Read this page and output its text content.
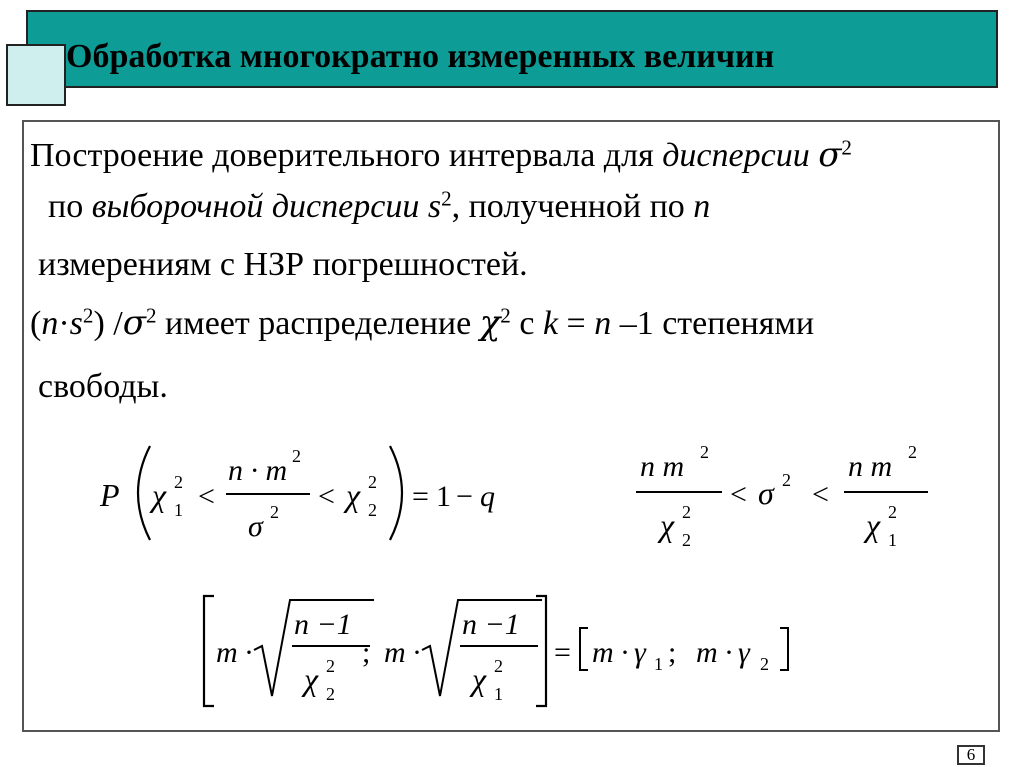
Обработка многократно измеренных величин
Построение доверительного интервала для дисперсии $\sigma^2$
по выборочной дисперсии $s^2$, полученной по n
измерениям с НЗР погрешностей.
$(n\cdot s^2)$ $/\sigma^2$ имеет распределение $\chi^2$ с k = n –1 степенями
свободы.
P χ 2
1 <
n · m 2
σ 2 < χ 2
2 = 1 − q
n m 2
χ 2
2
< σ 2 <
n m 2
χ 2
1
m ·
n −1
χ 2
2
; m ·
n −1
χ 2
1
= m · γ 1 ; m · γ 2
6
